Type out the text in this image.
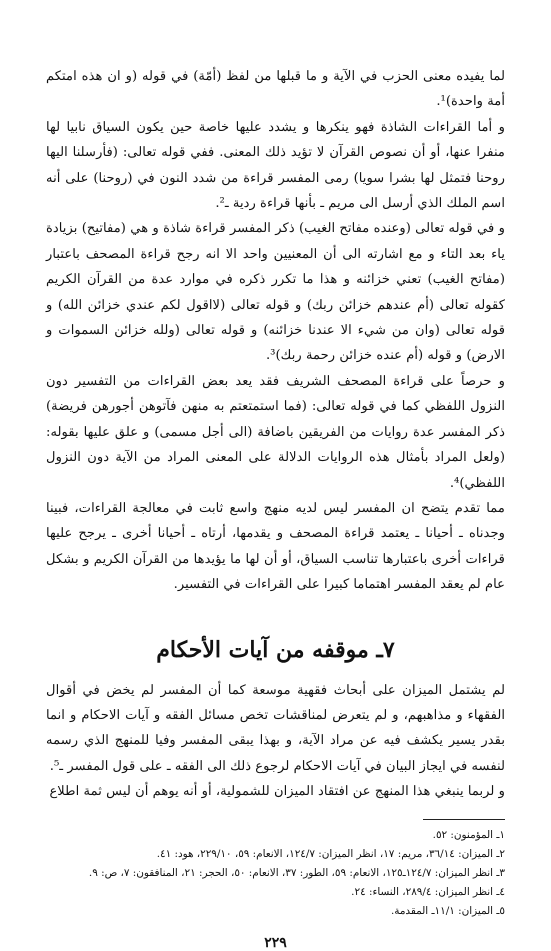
لما يفيده معنى الحزب في الآية و ما قبلها من لفظ (أمّة) في قوله (و ان هذه امتكم أمة واحدة)¹.

و أما القراءات الشاذة فهو ينكرها و يشدد عليها خاصة حين يكون السياق نابيا لها منفرا عنها، أو أن نصوص القرآن لا تؤيد ذلك المعنى. ففي قوله تعالى: (فأرسلنا اليها روحنا فتمثل لها بشرا سويا) رمى المفسر قراءة من شدد النون في (روحنا) على أنه اسم الملك الذي أرسل الى مريم ـ بأنها قراءة ردية ـ².

و في قوله تعالى (وعنده مفاتح الغيب) ذكر المفسر قراءة شاذة و هي (مفاتيح) بزيادة ياء بعد التاء و مع اشارته الى أن المعنيين واحد الا انه رجح قراءة المصحف باعتبار (مفاتح الغيب) تعني خزائنه و هذا ما تكرر ذكره في موارد عدة من القرآن الكريم كقوله تعالى (أم عندهم خزائن ربك) و قوله تعالى (لااقول لكم عندي خزائن الله) و قوله تعالى (وان من شيء الا عندنا خزائنه) و قوله تعالى (ولله خزائن السموات و الارض) و قوله (أم عنده خزائن رحمة ربك)³.

و حرصاً على قراءة المصحف الشريف فقد يعد بعض القراءات من التفسير دون النزول اللفظي كما في قوله تعالى: (فما استمتعتم به منهن فآتوهن أجورهن فريضة) ذكر المفسر عدة روايات من الفريقين باضافة (الى أجل مسمى) و علق عليها بقوله: (ولعل المراد بأمثال هذه الروايات الدلالة على المعنى المراد من الآية دون النزول اللفظي)⁴.

مما تقدم يتضح ان المفسر ليس لديه منهج واسع ثابت في معالجة القراءات، فبينا وجدناه ـ أحيانا ـ يعتمد قراءة المصحف و يقدمها، أرتاه ـ أحيانا أخرى ـ يرجح عليها قراءات أخرى باعتبارها تناسب السياق، أو أن لها ما يؤيدها من القرآن الكريم و بشكل عام لم يعقد المفسر اهتماما كبيرا على القراءات في التفسير.

٧ـ موقفه من آيات الأحكام

لم يشتمل الميزان على أبحاث فقهية موسعة كما أن المفسر لم يخض في أقوال الفقهاء و مذاهبهم، و لم يتعرض لمناقشات تخص مسائل الفقه و آيات الاحكام و انما بقدر يسير يكشف فيه عن مراد الآية، و بهذا يبقى المفسر وفيا للمنهج الذي رسمه لنفسه في ايجاز البيان في آيات الاحكام لرجوع ذلك الى الفقه ـ على قول المفسر ـ⁵.

و لربما ينبغي هذا المنهج عن افتقاد الميزان للشمولية، أو أنه يوهم أن ليس ثمة اطلاع

١ـ المؤمنون: ٥٢.

٢ـ الميزان: ٣٦/١٤، مريم: ١٧، انظر الميزان: ١٢٤/٧، الانعام: ٥٩، ٢٢٩/١٠، هود: ٤١.

٣ـ انظر الميزان: ١٢٤/٧ـ١٢٥، الانعام: ٥٩، الطور: ٣٧، الانعام: ٥٠، الحجر: ٢١، المنافقون: ٧، ص: ٩.

٤ـ انظر الميزان: ٢٨٩/٤، النساء: ٢٤.

٥ـ الميزان: ١١/١ـ المقدمة.

٢٢٩
